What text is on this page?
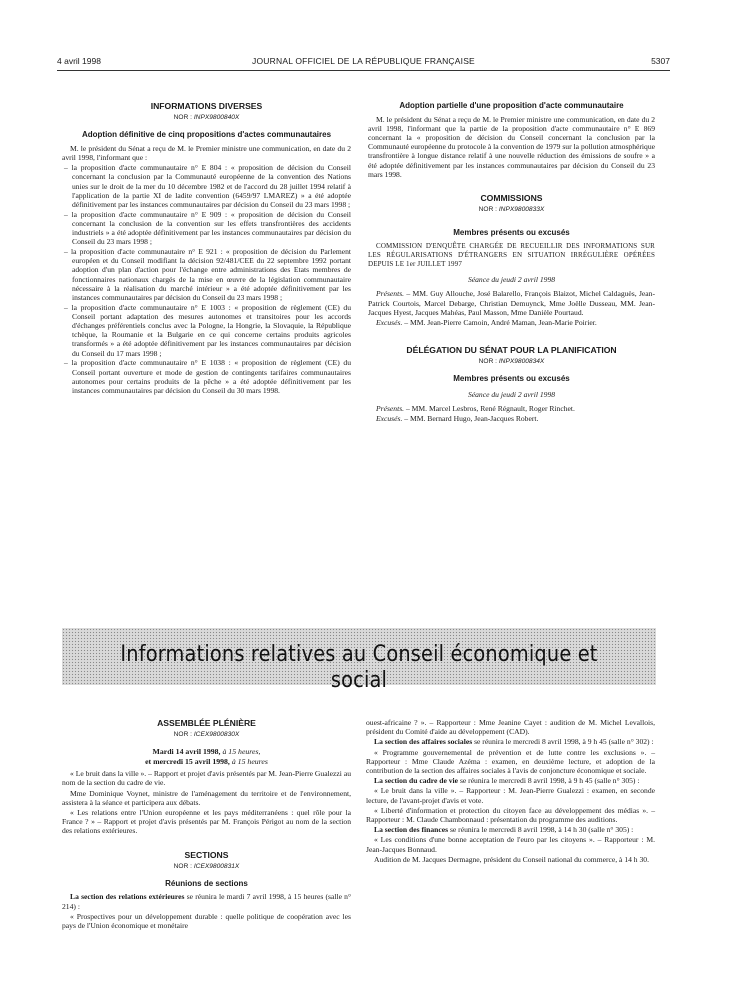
4 avril 1998	JOURNAL OFFICIEL DE LA RÉPUBLIQUE FRANÇAISE	5307
INFORMATIONS DIVERSES
NOR : INPX9800840X
Adoption définitive de cinq propositions d'actes communautaires

M. le président du Sénat a reçu de M. le Premier ministre une communication, en date du 2 avril 1998, l'informant que :

– la proposition d'acte communautaire n° E 804 : « proposition de décision du Conseil concernant la conclusion par la Communauté européenne de la convention des Nations unies sur le droit de la mer du 10 décembre 1982 et de l'accord du 28 juillet 1994 relatif à l'application de la partie XI de ladite convention (6459/97 LMAREZ) » a été adoptée définitivement par les instances communautaires par décision du Conseil du 23 mars 1998 ;
– la proposition d'acte communautaire n° E 909 : « proposition de décision du Conseil concernant la conclusion de la convention sur les effets transfrontières des accidents industriels » a été adoptée définitivement par les instances communautaires par décision du Conseil du 23 mars 1998 ;
– la proposition d'acte communautaire n° E 921 : « proposition de décision du Parlement européen et du Conseil modifiant la décision 92/481/CEE du 22 septembre 1992 portant adoption d'un plan d'action pour l'échange entre administrations des Etats membres de fonctionnaires nationaux chargés de la mise en œuvre de la législation communautaire nécessaire à la réalisation du marché intérieur » a été adoptée définitivement par les instances communautaires par décision du Conseil du 23 mars 1998 ;
– la proposition d'acte communautaire n° E 1003 : « proposition de règlement (CE) du Conseil portant adaptation des mesures autonomes et transitoires pour les accords d'échanges préférentiels conclus avec la Pologne, la Hongrie, la Slovaquie, la République tchèque, la Roumanie et la Bulgarie en ce qui concerne certains produits agricoles transformés » a été adoptée définitivement par les instances communautaires par décision du Conseil du 17 mars 1998 ;
– la proposition d'acte communautaire n° E 1038 : « proposition de règlement (CE) du Conseil portant ouverture et mode de gestion de contingents tarifaires communautaires autonomes pour certains produits de la pêche » a été adoptée définitivement par les instances communautaires par décision du Conseil du 30 mars 1998.
Adoption partielle d'une proposition d'acte communautaire

M. le président du Sénat a reçu de M. le Premier ministre une communication, en date du 2 avril 1998, l'informant que la partie de la proposition d'acte communautaire n° E 869 concernant la « proposition de décision du Conseil concernant la conclusion par la Communauté européenne du protocole à la convention de 1979 sur la pollution atmosphérique transfrontière à longue distance relatif à une nouvelle réduction des émissions de soufre » a été adoptée définitivement par les instances communautaires par décision du Conseil du 23 mars 1998.

COMMISSIONS
NOR : INPX9800833X
Membres présents ou excusés

COMMISSION D'ENQUÊTE CHARGÉE DE RECUEILLIR DES INFORMATIONS SUR LES RÉGULARISATIONS D'ÉTRANGERS EN SITUATION IRRÉGULIÈRE OPÉRÉES DEPUIS LE 1er JUILLET 1997

Séance du jeudi 2 avril 1998

Présents. – MM. Guy Allouche, José Balarello, François Blaizot, Michel Caldaguès, Jean-Patrick Courtois, Marcel Debarge, Christian Demuynck, Mme Joëlle Dusseau, MM. Jean-Jacques Hyest, Jacques Mahéas, Paul Masson, Mme Danièle Pourtaud.

Excusés. – MM. Jean-Pierre Camoin, André Maman, Jean-Marie Poirier.

DÉLÉGATION DU SÉNAT POUR LA PLANIFICATION
NOR : INPX9800834X
Membres présents ou excusés
Séance du jeudi 2 avril 1998

Présents. – MM. Marcel Lesbros, René Régnault, Roger Rinchet.

Excusés. – MM. Bernard Hugo, Jean-Jacques Robert.

Informations relatives au Conseil économique et social
ASSEMBLÉE PLÉNIÈRE
NOR : ICEX9800830X
Mardi 14 avril 1998, à 15 heures,
et mercredi 15 avril 1998, à 15 heures

« Le bruit dans la ville ». – Rapport et projet d'avis présentés par M. Jean-Pierre Gualezzi au nom de la section du cadre de vie.

Mme Dominique Voynet, ministre de l'aménagement du territoire et de l'environnement, assistera à la séance et participera aux débats.

« Les relations entre l'Union européenne et les pays méditerranéens : quel rôle pour la France ? » – Rapport et projet d'avis présentés par M. François Périgot au nom de la section des relations extérieures.

SECTIONS
NOR : ICEX9800831X
Réunions de sections

La section des relations extérieures se réunira le mardi 7 avril 1998, à 15 heures (salle n° 214) :

« Prospectives pour un développement durable : quelle politique de coopération avec les pays de l'Union économique et monétaire

ouest-africaine ? ». – Rapporteur : Mme Jeanine Cayet : audition de M. Michel Levallois, président du Comité d'aide au développement (CAD).

La section des affaires sociales se réunira le mercredi 8 avril 1998, à 9 h 45 (salle n° 302) :

« Programme gouvernemental de prévention et de lutte contre les exclusions ». – Rapporteur : Mme Claude Azéma : examen, en deuxième lecture, et adoption de la contribution de la section des affaires sociales à l'avis de conjoncture économique et sociale.

La section du cadre de vie se réunira le mercredi 8 avril 1998, à 9 h 45 (salle n° 305) :

« Le bruit dans la ville ». – Rapporteur : M. Jean-Pierre Gualezzi : examen, en seconde lecture, de l'avant-projet d'avis et vote.

« Liberté d'information et protection du citoyen face au développement des médias ». – Rapporteur : M. Claude Chambonnaud : présentation du programme des auditions.

La section des finances se réunira le mercredi 8 avril 1998, à 14 h 30 (salle n° 305) :

« Les conditions d'une bonne acceptation de l'euro par les citoyens ». – Rapporteur : M. Jean-Jacques Bonnaud.

Audition de M. Jacques Dermagne, président du Conseil national du commerce, à 14 h 30.
